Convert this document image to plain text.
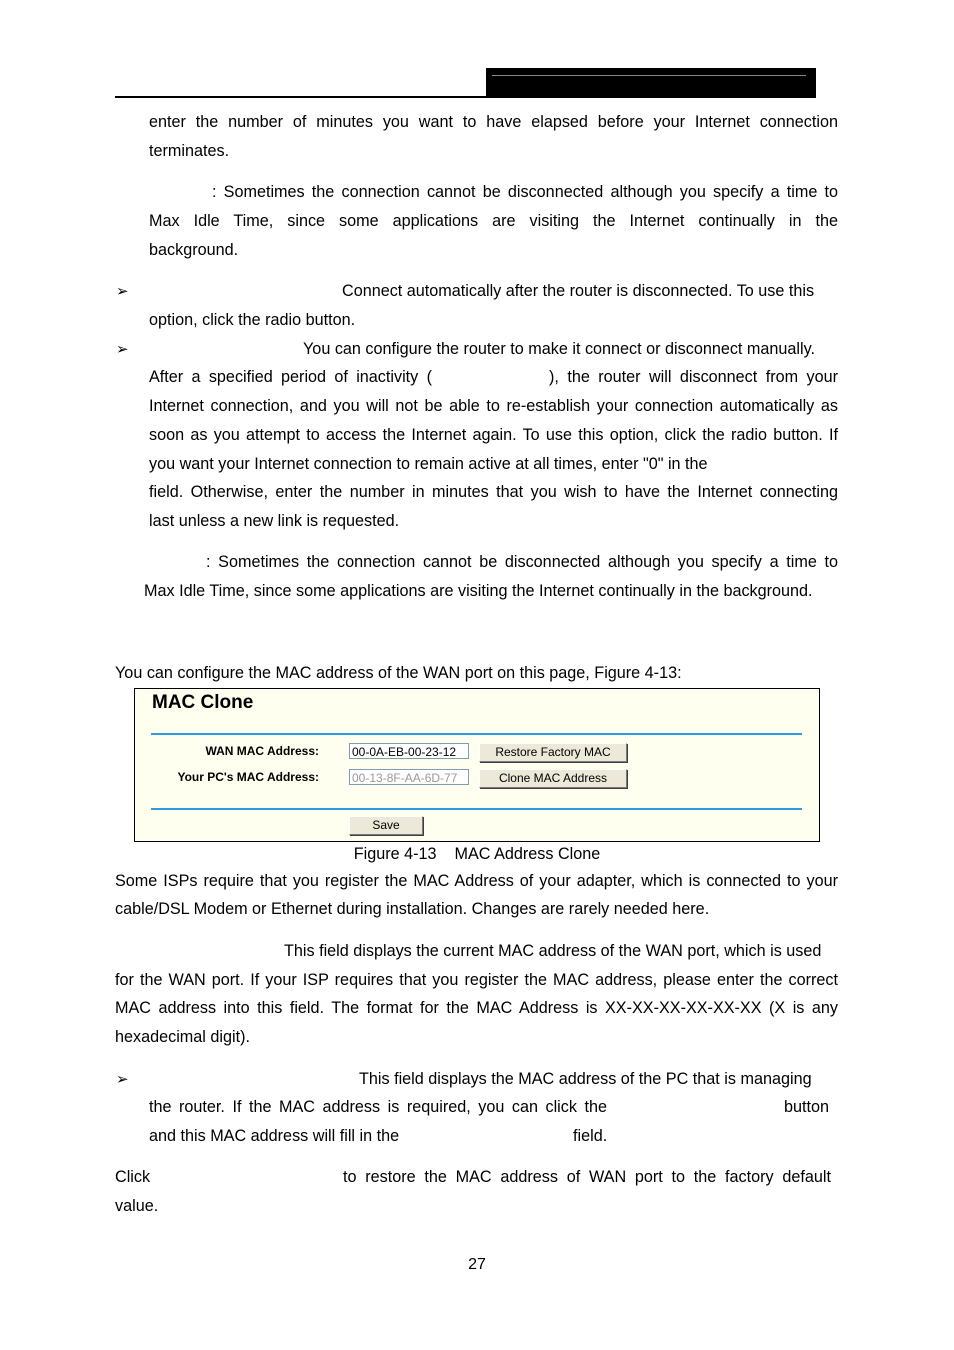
enter the number of minutes you want to have elapsed before your Internet connection

terminates.

: Sometimes the connection cannot be disconnected although you specify a time to

Max Idle Time, since some applications are visiting the Internet continually in the

background.

➢	Connect automatically after the router is disconnected. To use this

option, click the radio button.

➢	You can configure the router to make it connect or disconnect manually.

After a specified period of inactivity (	), the router will disconnect from your

Internet connection, and you will not be able to re-establish your connection automatically as

soon as you attempt to access the Internet again. To use this option, click the radio button. If

you want your Internet connection to remain active at all times, enter "0" in the

field. Otherwise, enter the number in minutes that you wish to have the Internet connecting

last unless a new link is requested.

: Sometimes the connection cannot be disconnected although you specify a time to

Max Idle Time, since some applications are visiting the Internet continually in the background.

You can configure the MAC address of the WAN port on this page, Figure 4-13:

MAC Clone

WAN MAC Address:	00-0A-EB-00-23-12	Restore Factory MAC
Your PC's MAC Address:	00-13-8F-AA-6D-77	Clone MAC Address
Save

Figure 4-13    MAC Address Clone

Some ISPs require that you register the MAC Address of your adapter, which is connected to your

cable/DSL Modem or Ethernet during installation. Changes are rarely needed here.

This field displays the current MAC address of the WAN port, which is used

for the WAN port. If your ISP requires that you register the MAC address, please enter the correct

MAC address into this field. The format for the MAC Address is XX-XX-XX-XX-XX-XX (X is any

hexadecimal digit).

➢	This field displays the MAC address of the PC that is managing

the router. If the MAC address is required, you can click the	button

and this MAC address will fill in the	field.

Click	to restore the MAC address of WAN port to the factory default

value.

27
